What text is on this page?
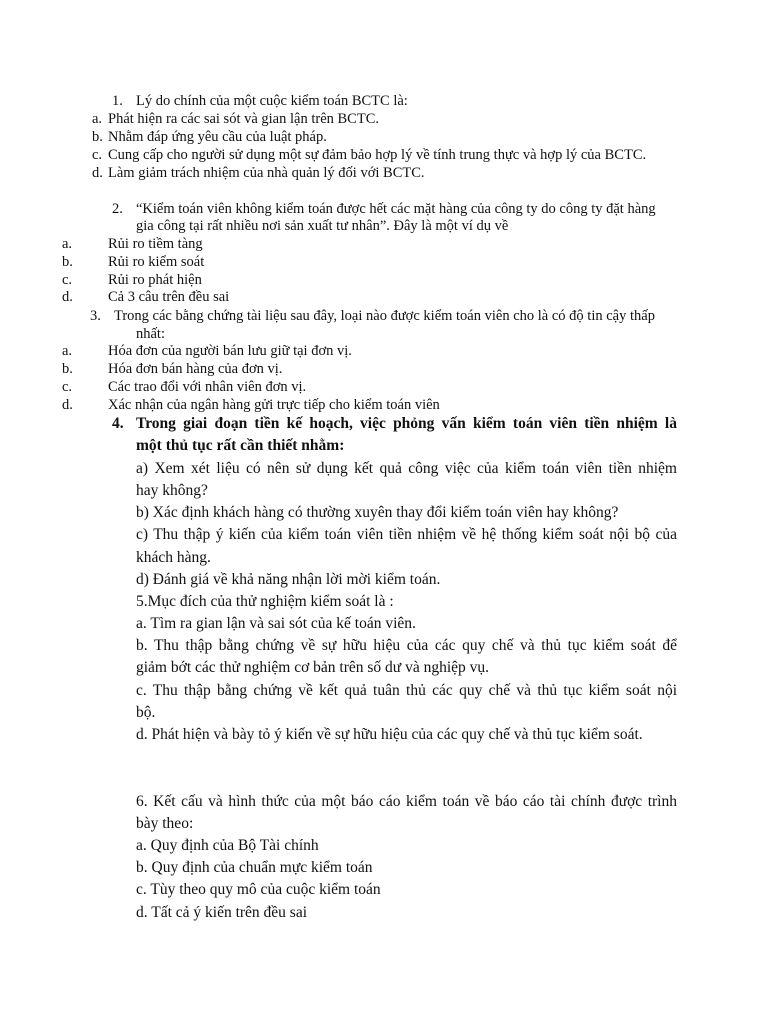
1. Lý do chính của một cuộc kiểm toán BCTC là:
a. Phát hiện ra các sai sót và gian lận trên BCTC.
b. Nhằm đáp ứng yêu cầu của luật pháp.
c. Cung cấp cho người sử dụng một sự đảm bảo hợp lý về tính trung thực và hợp lý của BCTC.
d. Làm giảm trách nhiệm của nhà quản lý đối với BCTC.
2. “Kiểm toán viên không kiểm toán được hết các mặt hàng của công ty do công ty đặt hàng
gia công tại rất nhiều nơi sản xuất tư nhân”. Đây là một ví dụ về
a. Rủi ro tiềm tàng
b. Rủi ro kiểm soát
c. Rủi ro phát hiện
d. Cả 3 câu trên đều sai
3. Trong các bằng chứng tài liệu sau đây, loại nào được kiểm toán viên cho là có độ tin cậy thấp
nhất:
a. Hóa đơn của người bán lưu giữ tại đơn vị.
b. Hóa đơn bán hàng của đơn vị.
c. Các trao đổi với nhân viên đơn vị.
d. Xác nhận của ngân hàng gửi trực tiếp cho kiểm toán viên
4. Trong giai đoạn tiền kế hoạch, việc phỏng vấn kiểm toán viên tiền nhiệm là
một thủ tục rất cần thiết nhằm:
a) Xem xét liệu có nên sử dụng kết quả công việc của kiểm toán viên tiền nhiệm
hay không?
b) Xác định khách hàng có thường xuyên thay đổi kiểm toán viên hay không?
c) Thu thập ý kiến của kiểm toán viên tiền nhiệm về hệ thống kiểm soát nội bộ của
khách hàng.
d) Đánh giá về khả năng nhận lời mời kiểm toán.
5.Mục đích của thử nghiệm kiểm soát là :
a. Tìm ra gian lận và sai sót của kế toán viên.
b. Thu thập bằng chứng về sự hữu hiệu của các quy chế và thủ tục kiểm soát để
giảm bớt các thử nghiệm cơ bản trên số dư và nghiệp vụ.
c. Thu thập bằng chứng về kết quả tuân thủ các quy chế và thủ tục kiểm soát nội
bộ.
d. Phát hiện và bày tỏ ý kiến về sự hữu hiệu của các quy chế và thủ tục kiểm soát.
6. Kết cấu và hình thức của một báo cáo kiểm toán về báo cáo tài chính được trình
bày theo:
a. Quy định của Bộ Tài chính
b. Quy định của chuẩn mực kiểm toán
c. Tùy theo quy mô của cuộc kiểm toán
d. Tất cả ý kiến trên đều sai
